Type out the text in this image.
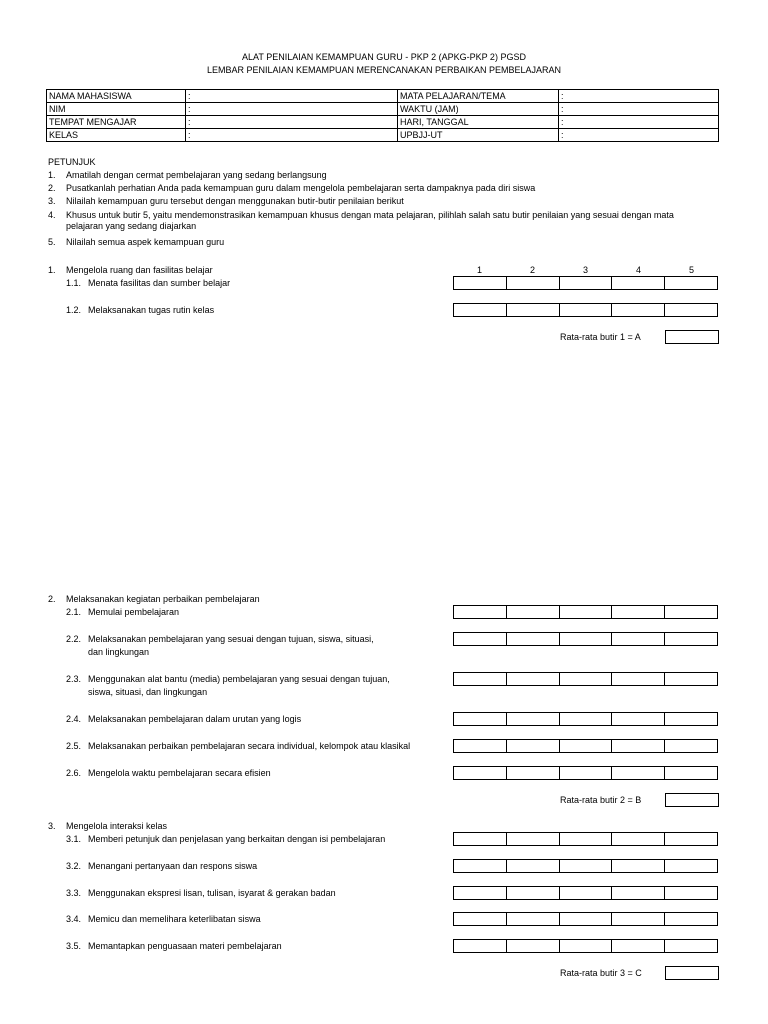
ALAT PENILAIAN KEMAMPUAN GURU - PKP 2 (APKG-PKP 2) PGSD
LEMBAR PENILAIAN KEMAMPUAN MERENCANAKAN PERBAIKAN PEMBELAJARAN
NAMA MAHASISWA	:	MATA PELAJARAN/TEMA	:
NIM	:	WAKTU (JAM)	:
TEMPAT MENGAJAR	:	HARI, TANGGAL	:
KELAS	:	UPBJJ-UT	:
PETUNJUK
1. Amatilah dengan cermat pembelajaran yang sedang berlangsung
2. Pusatkanlah perhatian Anda pada kemampuan guru dalam mengelola pembelajaran serta dampaknya pada diri siswa
3. Nilailah kemampuan guru tersebut dengan menggunakan butir-butir penilaian berikut
4. Khusus untuk butir 5, yaitu mendemonstrasikan kemampuan khusus dengan mata pelajaran, pilihlah salah satu butir penilaian yang sesuai dengan mata pelajaran yang sedang diajarkan
5. Nilailah semua aspek kemampuan guru
1	2	3	4	5
1. Mengelola ruang dan fasilitas belajar
1.1. Menata fasilitas dan sumber belajar
1.2. Melaksanakan tugas rutin kelas
Rata-rata butir 1 = A
2. Melaksanakan kegiatan perbaikan pembelajaran
2.1. Memulai pembelajaran
2.2. Melaksanakan pembelajaran yang sesuai dengan tujuan, siswa, situasi,
dan lingkungan
2.3. Menggunakan alat bantu (media) pembelajaran yang sesuai dengan tujuan,
siswa, situasi, dan lingkungan
2.4. Melaksanakan pembelajaran dalam urutan yang logis
2.5. Melaksanakan perbaikan pembelajaran secara individual, kelompok atau klasikal
2.6. Mengelola waktu pembelajaran secara efisien
Rata-rata butir 2 = B
3. Mengelola interaksi kelas
3.1. Memberi petunjuk dan penjelasan yang berkaitan dengan isi pembelajaran
3.2. Menangani pertanyaan dan respons siswa
3.3. Menggunakan ekspresi lisan, tulisan, isyarat & gerakan badan
3.4. Memicu dan memelihara keterlibatan siswa
3.5. Memantapkan penguasaan materi pembelajaran
Rata-rata butir 3 = C
